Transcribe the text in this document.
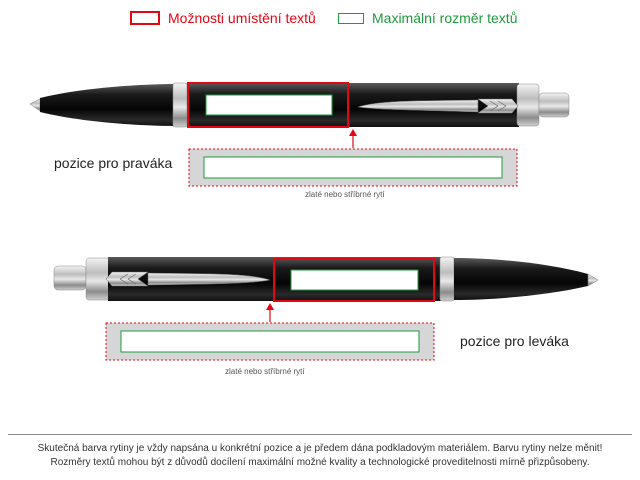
Možnosti umístění textů	Maximální rozměr textů
pozice pro praváka
zlaté nebo stříbrné rytí
pozice pro leváka
zlaté nebo stříbrné rytí
Skutečná barva rytiny je vždy napsána u konkrétní pozice a je předem dána podkladovým materiálem. Barvu rytiny nelze měnit!
Rozměry textů mohou být z důvodů docílení maximální možné kvality a technologické proveditelnosti mírně přizpůsobeny.
